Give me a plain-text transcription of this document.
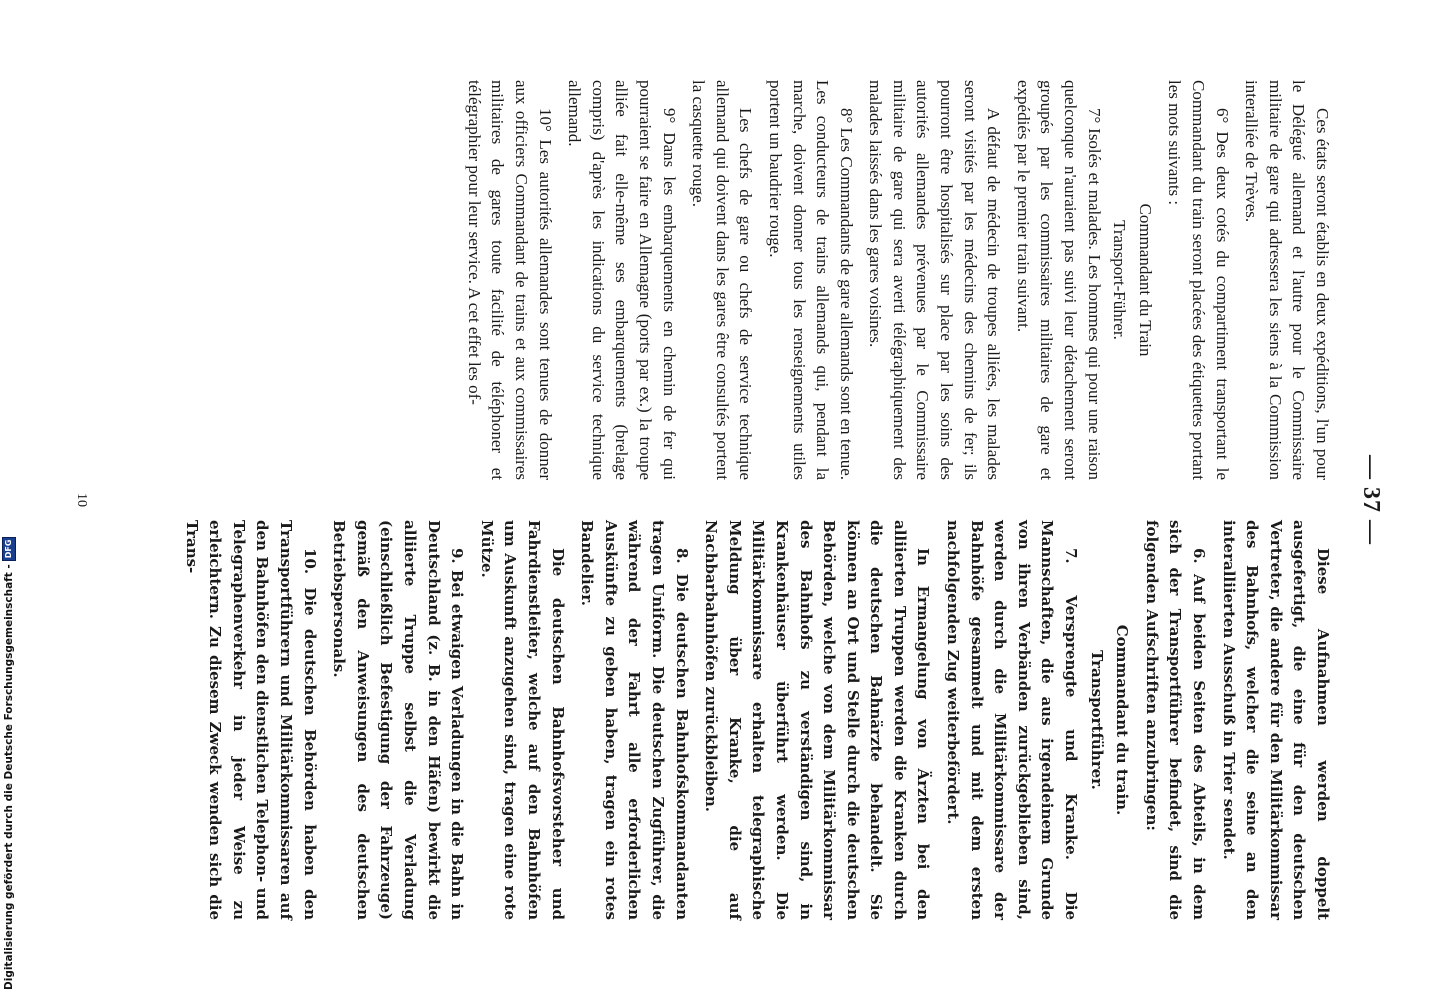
— 37 —

Ces états seront établis en deux expéditions, l'un pour le Délégué allemand et l'autre pour le Commissaire militaire de gare qui adressera les siens à la Commission interalliée de Trèves.

6° Des deux cotés du compartiment transportant le Commandant du train seront placées des étiquettes portant les mots suivants :

Commandant du Train

Transport-Führer.

7° Isolés et malades. Les hommes qui pour une raison quelconque n'auraient pas suivi leur détachement seront groupés par les commissaires militaires de gare et expédiés par le premier train suivant.

A défaut de médecin de troupes alliées, les malades seront visités par les médecins des chemins de fer; ils pourront être hospitalisés sur place par les soins des autorités allemandes prévenues par le Commissaire militaire de gare qui sera averti télégraphiquement des malades laissés dans les gares voisines.

8° Les Commandants de gare allemands sont en tenue. Les conducteurs de trains allemands qui, pendant la marche, doivent donner tous les renseignements utiles portent un baudrier rouge.

Les chefs de gare ou chefs de service technique allemand qui doivent dans les gares être consultés portent la casquette rouge.

9° Dans les embarquements en chemin de fer qui pourraient se faire en Allemagne (ports par ex.) la troupe alliée fait elle-même ses embarquements (brelage compris) d'après les indications du service technique allemand.

10° Les autorités allemandes sont tenues de donner aux officiers Commandant de trains et aux commissaires militaires de gares toute facilité de téléphoner et télégraphier pour leur service. A cet effet les of-

Diese Aufnahmen werden doppelt ausgefertigt, die eine für den deutschen Vertreter, die andere für den Militärkommissar des Bahnhofs, welcher die seine an den interalliierten Ausschuß in Trier sendet.

6. Auf beiden Seiten des Abteils, in dem sich der Transportführer befindet, sind die folgenden Aufschriften anzubringen:

Commandant du train.

Transportführer.

7. Versprengte und Kranke. Die Mannschaften, die aus irgendeinem Grunde von ihren Verbänden zurückgeblieben sind, werden durch die Militärkommissare der Bahnhöfe gesammelt und mit dem ersten nachfolgenden Zug weiterbefördert.

In Ermangelung von Ärzten bei den alliierten Truppen werden die Kranken durch die deutschen Bahnärzte behandelt. Sie können an Ort und Stelle durch die deutschen Behörden, welche von dem Militärkommissar des Bahnhofs zu verständigen sind, in Krankenhäuser überführt werden. Die Militärkommissare erhalten telegraphische Meldung über Kranke, die auf Nachbarbahnhöfen zurückbleiben.

8. Die deutschen Bahnhofskommandanten tragen Uniform. Die deutschen Zugführer, die während der Fahrt alle erforderlichen Auskünfte zu geben haben, tragen ein rotes Bandelier.

Die deutschen Bahnhofsvorsteher und Fahrdienstleiter, welche auf den Bahnhöfen um Auskunft anzugehen sind, tragen eine rote Mütze.

9. Bei etwaigen Verladungen in die Bahn in Deutschland (z. B. in den Häfen) bewirkt die alliierte Truppe selbst die Verladung (einschließlich Befestigung der Fahrzeuge) gemäß den Anweisungen des deutschen Betriebspersonals.

10. Die deutschen Behörden haben den Transportführern und Militärkommissaren auf den Bahnhöfen den dienstlichen Telephon- und Telegraphenverkehr in jeder Weise zu erleichtern. Zu diesem Zweck wenden sich die Trans-

10
Digitalisierung gefördert durch die Deutsche Forschungsgemeinschaft -DFG
